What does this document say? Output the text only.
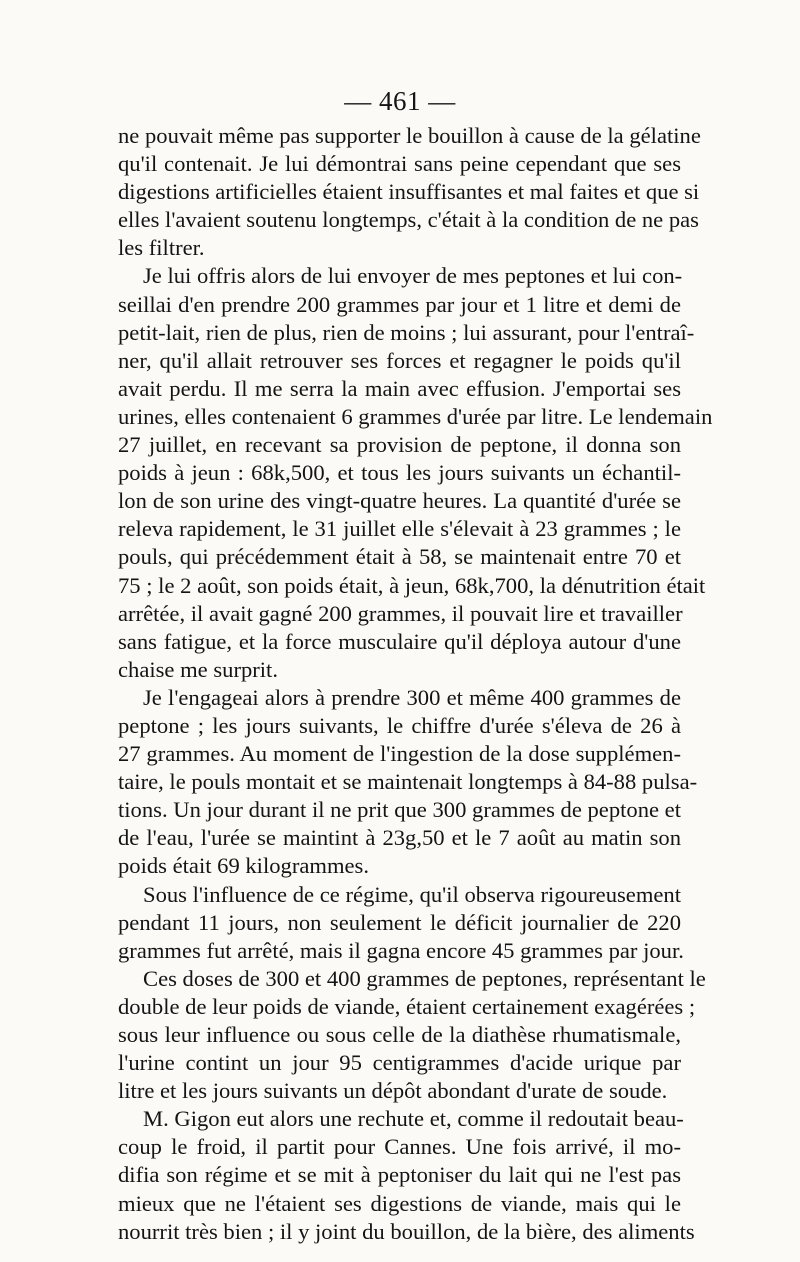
— 461 —
ne pouvait même pas supporter le bouillon à cause de la gélatine
qu'il contenait. Je lui démontrai sans peine cependant que ses
digestions artificielles étaient insuffisantes et mal faites et que si
elles l'avaient soutenu longtemps, c'était à la condition de ne pas
les filtrer.
Je lui offris alors de lui envoyer de mes peptones et lui con-
seillai d'en prendre 200 grammes par jour et 1 litre et demi de
petit-lait, rien de plus, rien de moins ; lui assurant, pour l'entraî-
ner, qu'il allait retrouver ses forces et regagner le poids qu'il
avait perdu. Il me serra la main avec effusion. J'emportai ses
urines, elles contenaient 6 grammes d'urée par litre. Le lendemain
27 juillet, en recevant sa provision de peptone, il donna son
poids à jeun : 68k,500, et tous les jours suivants un échantil-
lon de son urine des vingt-quatre heures. La quantité d'urée se
releva rapidement, le 31 juillet elle s'élevait à 23 grammes ; le
pouls, qui précédemment était à 58, se maintenait entre 70 et
75 ; le 2 août, son poids était, à jeun, 68k,700, la dénutrition était
arrêtée, il avait gagné 200 grammes, il pouvait lire et travailler
sans fatigue, et la force musculaire qu'il déploya autour d'une
chaise me surprit.
Je l'engageai alors à prendre 300 et même 400 grammes de
peptone ; les jours suivants, le chiffre d'urée s'éleva de 26 à
27 grammes. Au moment de l'ingestion de la dose supplémen-
taire, le pouls montait et se maintenait longtemps à 84-88 pulsa-
tions. Un jour durant il ne prit que 300 grammes de peptone et
de l'eau, l'urée se maintint à 23g,50 et le 7 août au matin son
poids était 69 kilogrammes.
Sous l'influence de ce régime, qu'il observa rigoureusement
pendant 11 jours, non seulement le déficit journalier de 220
grammes fut arrêté, mais il gagna encore 45 grammes par jour.
Ces doses de 300 et 400 grammes de peptones, représentant le
double de leur poids de viande, étaient certainement exagérées ;
sous leur influence ou sous celle de la diathèse rhumatismale,
l'urine contint un jour 95 centigrammes d'acide urique par
litre et les jours suivants un dépôt abondant d'urate de soude.
M. Gigon eut alors une rechute et, comme il redoutait beau-
coup le froid, il partit pour Cannes. Une fois arrivé, il mo-
difia son régime et se mit à peptoniser du lait qui ne l'est pas
mieux que ne l'étaient ses digestions de viande, mais qui le
nourrit très bien ; il y joint du bouillon, de la bière, des aliments
